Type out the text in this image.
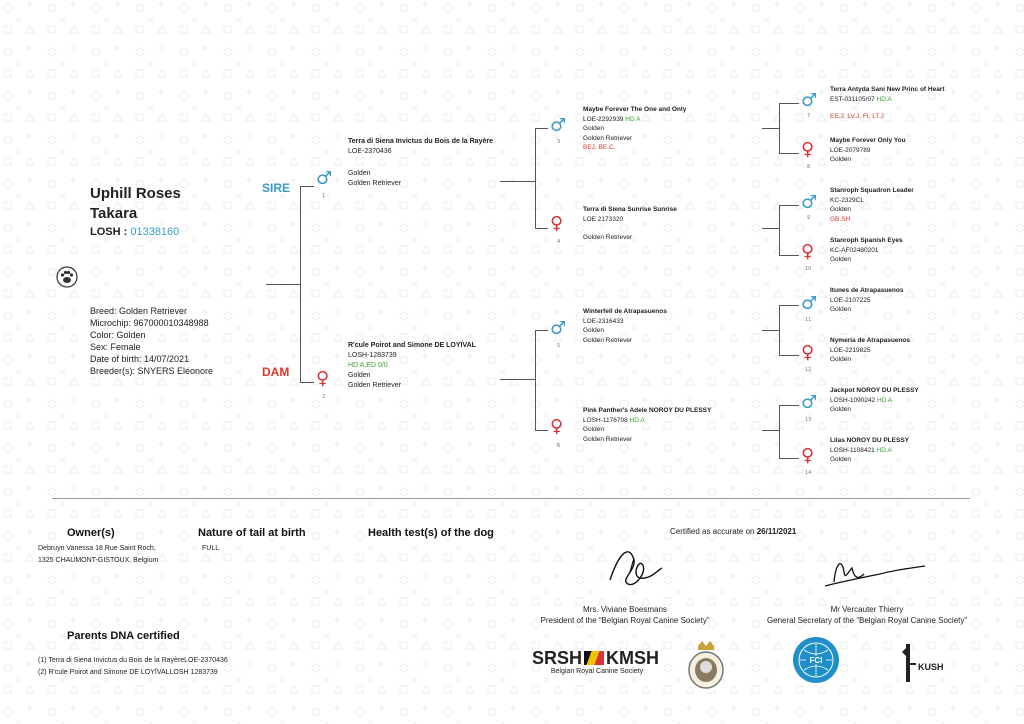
Uphill Roses
Takara
LOSH : 01338160
Breed: Golden Retriever
Microchip: 967000010348988
Color: Golden
Sex: Female
Date of birth: 14/07/2021
Breeder(s): SNYERS Eléonore
SIRE
DAM
♂
1
Terra di Siena Invictus du Bois de la Rayère
LOE-2370436
Golden
Golden Retriever
♀
2
R'cule Poirot and Simone DE LOYÏVAL
LOSH-1283739
HD A,ED 0/0
Golden
Golden Retriever
♂
3
Maybe Forever The One and Only
LOE-2292939 HD A
Golden
Golden Retriever
BEJ, BE.C.
♀
4
Terra di Siena Sunrise Sunrise
LOE 2173320
Golden Retriever
♂
5
Winterfell de Atrapasuenos
LOE-2316433
Golden
Golden Retriever
♀
6
Pink Panther's Adele NOROY DU PLESSY
LOSH-1176708 HD A
Golden
Golden Retriever
♂
7
Terra Antyda Sani New Princ of Heart
EST-031105/07 HD A
EE.J, LV.J, FI, LT.J
♀
8
Maybe Forever Only You
LOE-2079789
Golden
♂
9
Stanroph Squadron Leader
KC-2329CL
Golden
GB.SH
♀
10
Stanroph Spanish Eyes
KC-AF02480201
Golden
♂
11
Itunes de Atrapasuenos
LOE-2107225
Golden
♀
12
Nymeria de Atrapasuenos
LOE-2219825
Golden
♂
13
Jackpot NOROY DU PLESSY
LOSH-1090242 HD A
Golden
♀
14
Lilas NOROY DU PLESSY
LOSH-1108421 HD A
Golden
Owner(s)
Debruyn Vanessa 18 Rue Saint Roch,
1325 CHAUMONT-GISTOUX, Belgium
Nature of tail at birth
FULL
Health test(s) of the dog	Certified as accurate on 26/11/2021
Mrs. Viviane Boesmans
President of the “Belgian Royal Canine Society”
Mr Vercauter Thierry
General Secretary of the “Belgian Royal Canine Society”
Parents DNA certified
(1) Terra di Siena Invictus du Bois de la RayèreLOE-2370436
(2) R'cule Poirot and Simone DE LOYÏVALLOSH 1283739
SRSH KMSH
Belgian Royal Canine Society
FCI
KUSH
